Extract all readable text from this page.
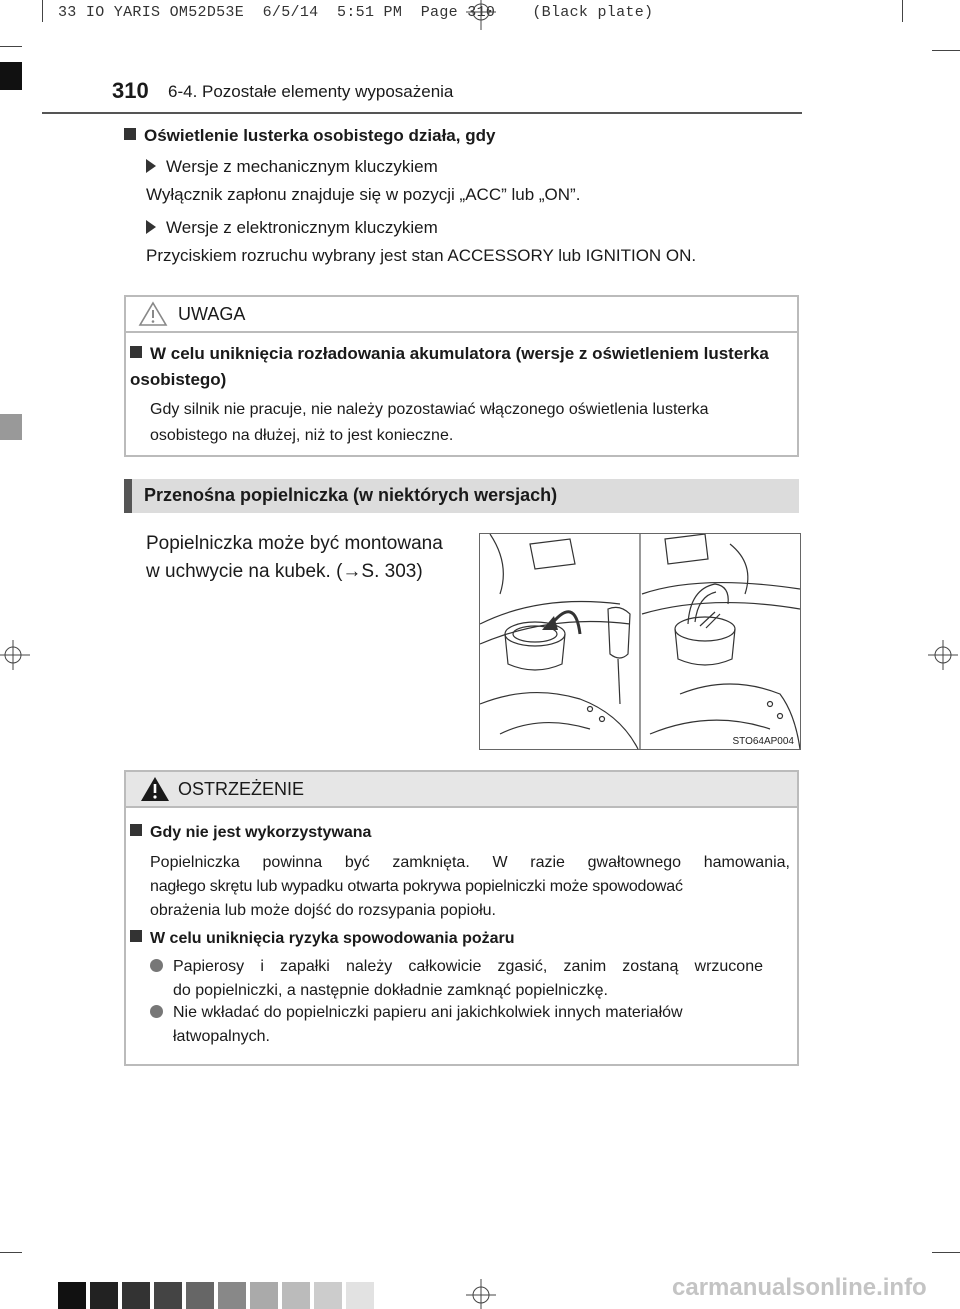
33 IO YARIS OM52D53E  6/5/14  5:51 PM  Page 310    (Black plate)
310 6-4. Pozostałe elementy wyposażenia
Oświetlenie lusterka osobistego działa, gdy
Wersje z mechanicznym kluczykiem
Wyłącznik zapłonu znajduje się w pozycji „ACC” lub „ON”.
Wersje z elektronicznym kluczykiem
Przyciskiem rozruchu wybrany jest stan ACCESSORY lub IGNITION ON.
UWAGA
W celu uniknięcia rozładowania akumulatora (wersje z oświetleniem lusterka osobistego)
Gdy silnik nie pracuje, nie należy pozostawiać włączonego oświetlenia lusterka osobistego na dłużej, niż to jest konieczne.
Przenośna popielniczka (w niektórych wersjach)
Popielniczka może być montowana
w uchwycie na kubek. (→S. 303)
STO64AP004
OSTRZEŻENIE
Gdy nie jest wykorzystywana
Popielniczka powinna być zamknięta. W razie gwałtownego hamowania,
nagłego skrętu lub wypadku otwarta pokrywa popielniczki może spowodować
obrażenia lub może dojść do rozsypania popiołu.
W celu uniknięcia ryzyka spowodowania pożaru
Papierosy i zapałki należy całkowicie zgasić, zanim zostaną wrzucone
do popielniczki, a następnie dokładnie zamknąć popielniczkę.
Nie wkładać do popielniczki papieru ani jakichkolwiek innych materiałów
łatwopalnych.
carmanualsonline.info
